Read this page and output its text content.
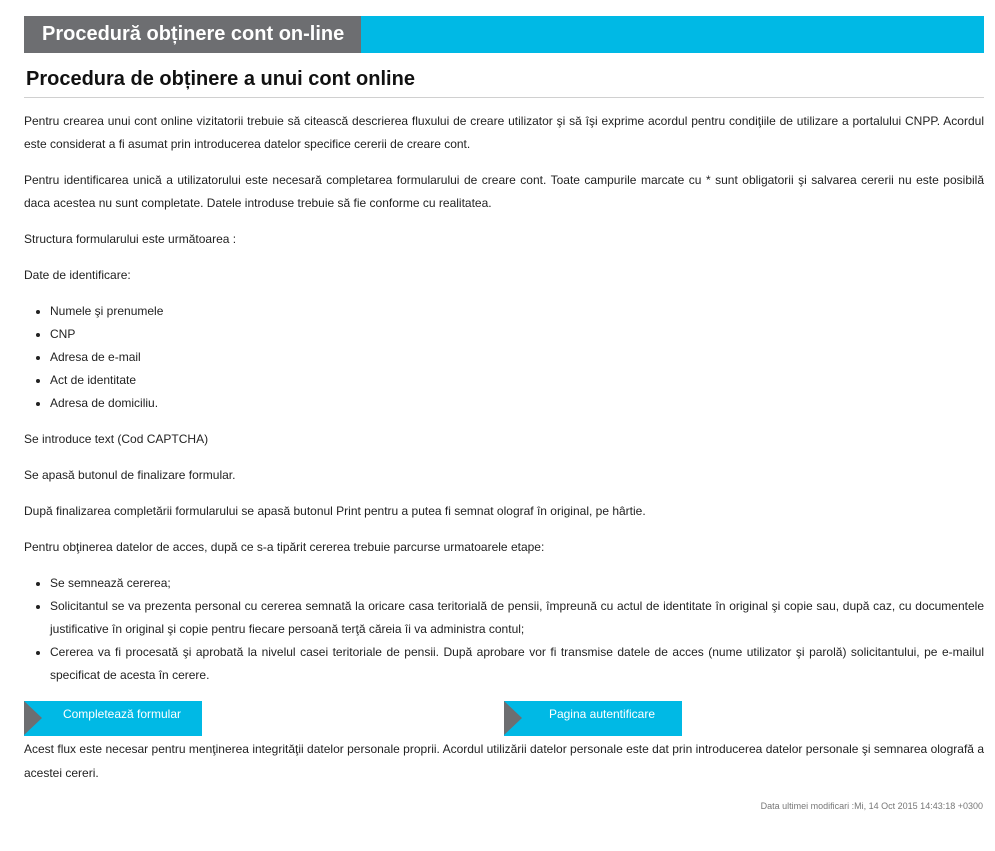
Procedură obținere cont on-line
Procedura de obținere a unui cont online

Pentru crearea unui cont online vizitatorii trebuie să citească descrierea fluxului de creare utilizator şi să îşi exprime acordul pentru condiţiile de utilizare a portalului CNPP. Acordul este considerat a fi asumat prin introducerea datelor specifice cererii de creare cont.

Pentru identificarea unică a utilizatorului este necesară completarea formularului de creare cont. Toate campurile marcate cu * sunt obligatorii şi salvarea cererii nu este posibilă daca acestea nu sunt completate. Datele introduse trebuie să fie conforme cu realitatea.

Structura formularului este următoarea :

Date de identificare:

• Numele şi prenumele
• CNP
• Adresa de e-mail
• Act de identitate
• Adresa de domiciliu.

Se introduce text (Cod CAPTCHA)

Se apasă butonul de finalizare formular.

După finalizarea completării formularului se apasă butonul Print pentru a putea fi semnat olograf în original, pe hârtie.

Pentru obţinerea datelor de acces, după ce s-a tipărit cererea trebuie parcurse urmatoarele etape:

• Se semnează cererea;
• Solicitantul se va prezenta personal cu cererea semnată la oricare casa teritorială de pensii, împreună cu actul de identitate în original şi copie sau, după caz, cu documentele justificative în original şi copie pentru fiecare persoană terţă căreia îi va administra contul;
• Cererea va fi procesată şi aprobată la nivelul casei teritoriale de pensii. După aprobare vor fi transmise datele de acces (nume utilizator şi parolă) solicitantului, pe e-mailul specificat de acesta în cerere.
Completează formular	Pagina autentificare

Acest flux este necesar pentru menţinerea integrităţii datelor personale proprii. Acordul utilizării datelor personale este dat prin introducerea datelor personale şi semnarea olografă a acestei cereri.

Data ultimei modificari :Mi, 14 Oct 2015 14:43:18 +0300
